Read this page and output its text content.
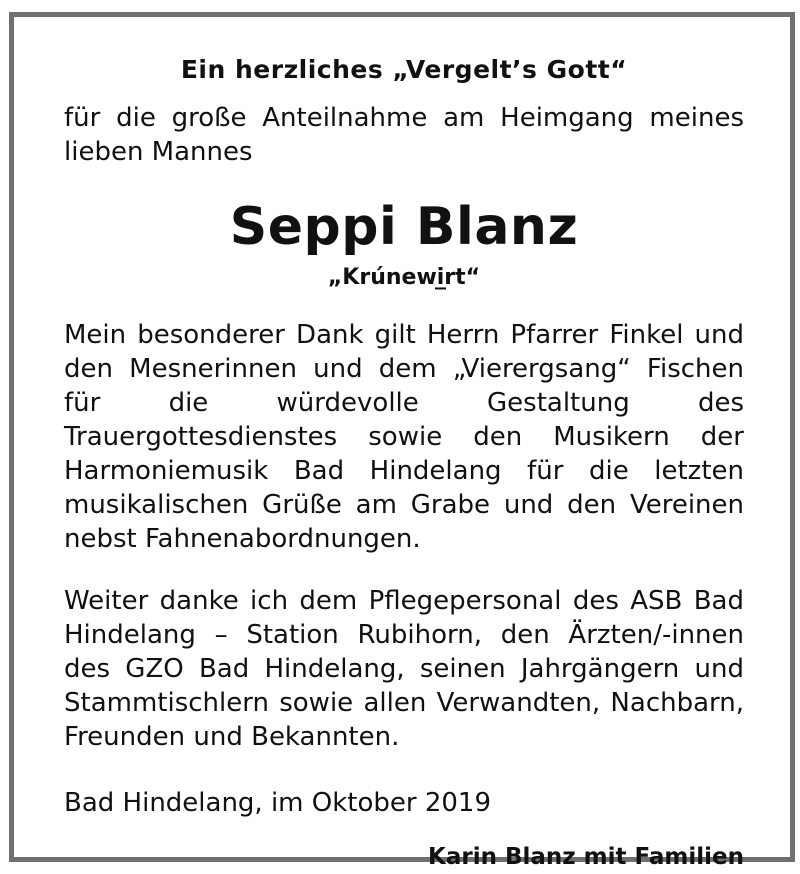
Ein herzliches „Vergelt’s Gott“

für die große Anteilnahme am Heimgang meines lieben Mannes

Seppi Blanz

„Krúnewi̲rt“

Mein besonderer Dank gilt Herrn Pfarrer Finkel und den Mesnerinnen und dem „Vierergsang“ Fischen für die würdevolle Gestaltung des Trauergottesdienstes sowie den Musikern der Harmoniemusik Bad Hindelang für die letzten musikalischen Grüße am Grabe und den Vereinen nebst Fahnenabordnungen.

Weiter danke ich dem Pflegepersonal des ASB Bad Hindelang – Station Rubihorn, den Ärzten/-innen des GZO Bad Hindelang, seinen Jahrgängern und Stammtischlern sowie allen Verwandten, Nachbarn, Freunden und Bekannten.

Bad Hindelang, im Oktober 2019

Karin Blanz mit Familien
